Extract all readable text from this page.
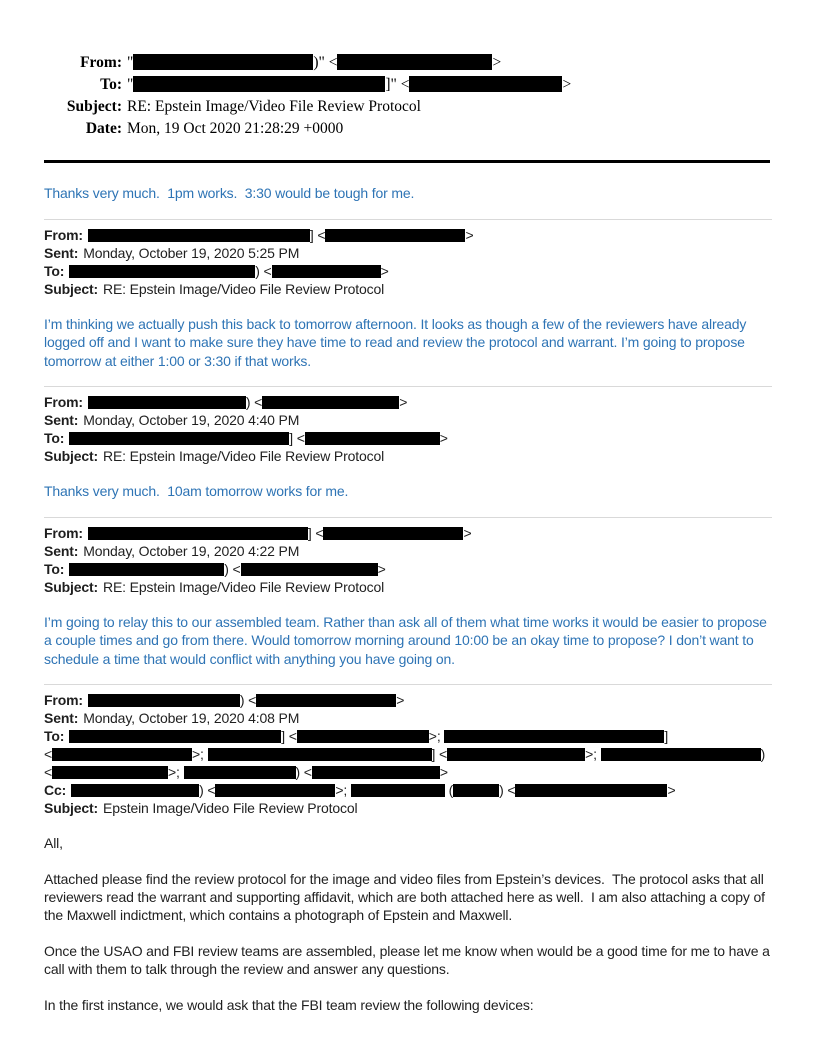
From: "	)" <	>
To: "	]" <	>
Subject: RE: Epstein Image/Video File Review Protocol
Date: Mon, 19 Oct 2020 21:28:29 +0000

Thanks very much.  1pm works.  3:30 would be tough for me.

From:	] <	>
Sent: Monday, October 19, 2020 5:25 PM
To:	) <	>
Subject: RE: Epstein Image/Video File Review Protocol

I’m thinking we actually push this back to tomorrow afternoon. It looks as though a few of the reviewers have already logged off and I want to make sure they have time to read and review the protocol and warrant. I’m going to propose tomorrow at either 1:00 or 3:30 if that works.

From:	) <	>
Sent: Monday, October 19, 2020 4:40 PM
To:	] <	>
Subject: RE: Epstein Image/Video File Review Protocol

Thanks very much.  10am tomorrow works for me.

From:	] <	>
Sent: Monday, October 19, 2020 4:22 PM
To:	) <	>
Subject: RE: Epstein Image/Video File Review Protocol

I’m going to relay this to our assembled team. Rather than ask all of them what time works it would be easier to propose a couple times and go from there. Would tomorrow morning around 10:00 be an okay time to propose? I don’t want to schedule a time that would conflict with anything you have going on.

From:	) <	>
Sent: Monday, October 19, 2020 4:08 PM
To:	] <	>;	]
<	>;	] <	>;	)
<	>;	) <	>
Cc:	) <	>;	(	) <	>
Subject: Epstein Image/Video File Review Protocol

All,

Attached please find the review protocol for the image and video files from Epstein’s devices.  The protocol asks that all reviewers read the warrant and supporting affidavit, which are both attached here as well.  I am also attaching a copy of the Maxwell indictment, which contains a photograph of Epstein and Maxwell.

Once the USAO and FBI review teams are assembled, please let me know when would be a good time for me to have a call with them to talk through the review and answer any questions.

In the first instance, we would ask that the FBI team review the following devices:
